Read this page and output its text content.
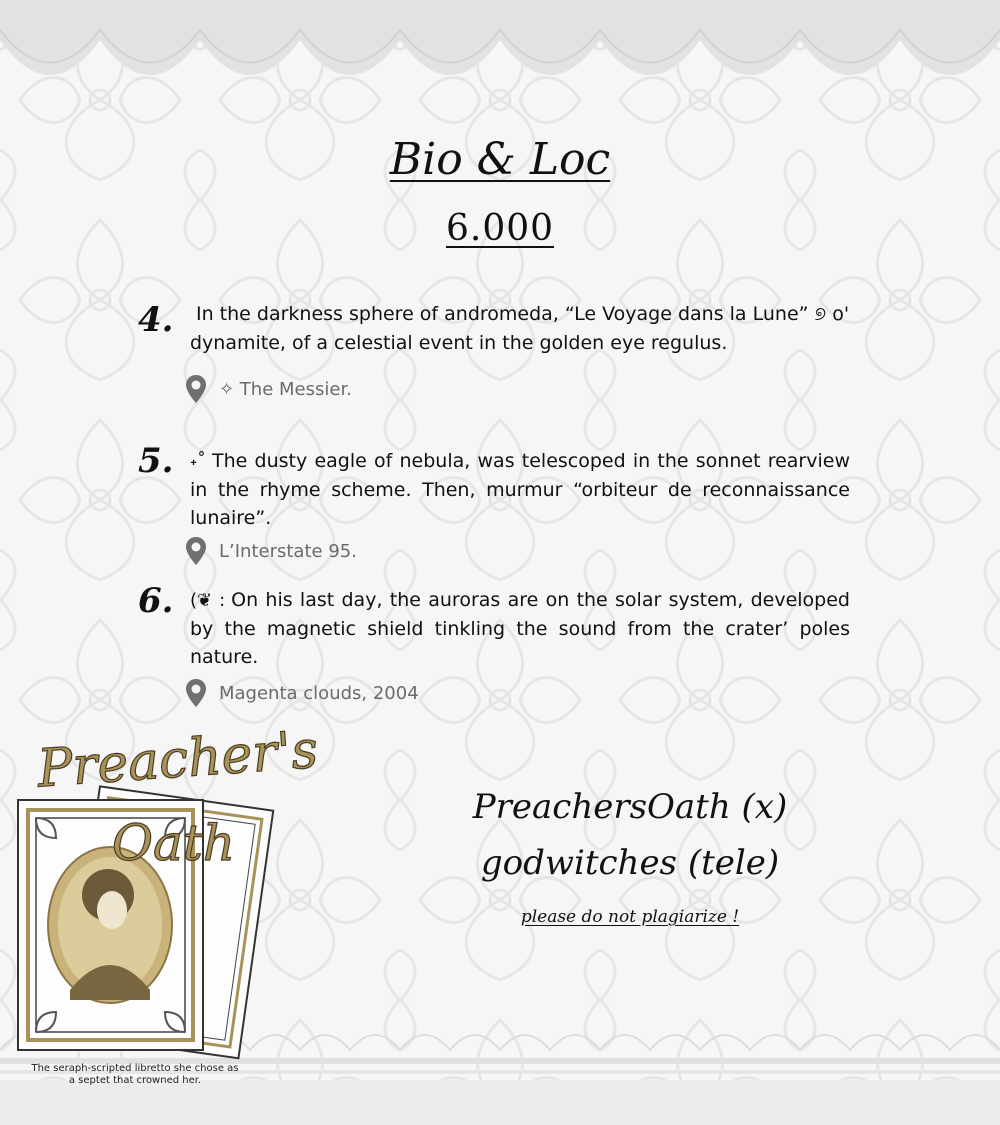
Bio & Loc
6.000
4.	In the darkness sphere of andromeda, “Le Voyage dans la Lune” ୭ ο' dynamite, of a celestial event in the golden eye regulus.
✧ The Messier.
5. ˖˚ The dusty eagle of nebula, was telescoped in the sonnet rearview in the rhyme scheme. Then, murmur “orbiteur de reconnaissance lunaire”.
L’Interstate 95.
6. (❦ : On his last day, the auroras are on the solar system, developed by the magnetic shield tinkling the sound from the crater’ poles nature.
Magenta clouds, 2004
PreachersOath (x)
godwitches (tele)
please do not plagiarize !
Preacher's
Oath
The seraph-scripted libretto she chose as a septet that crowned her.
